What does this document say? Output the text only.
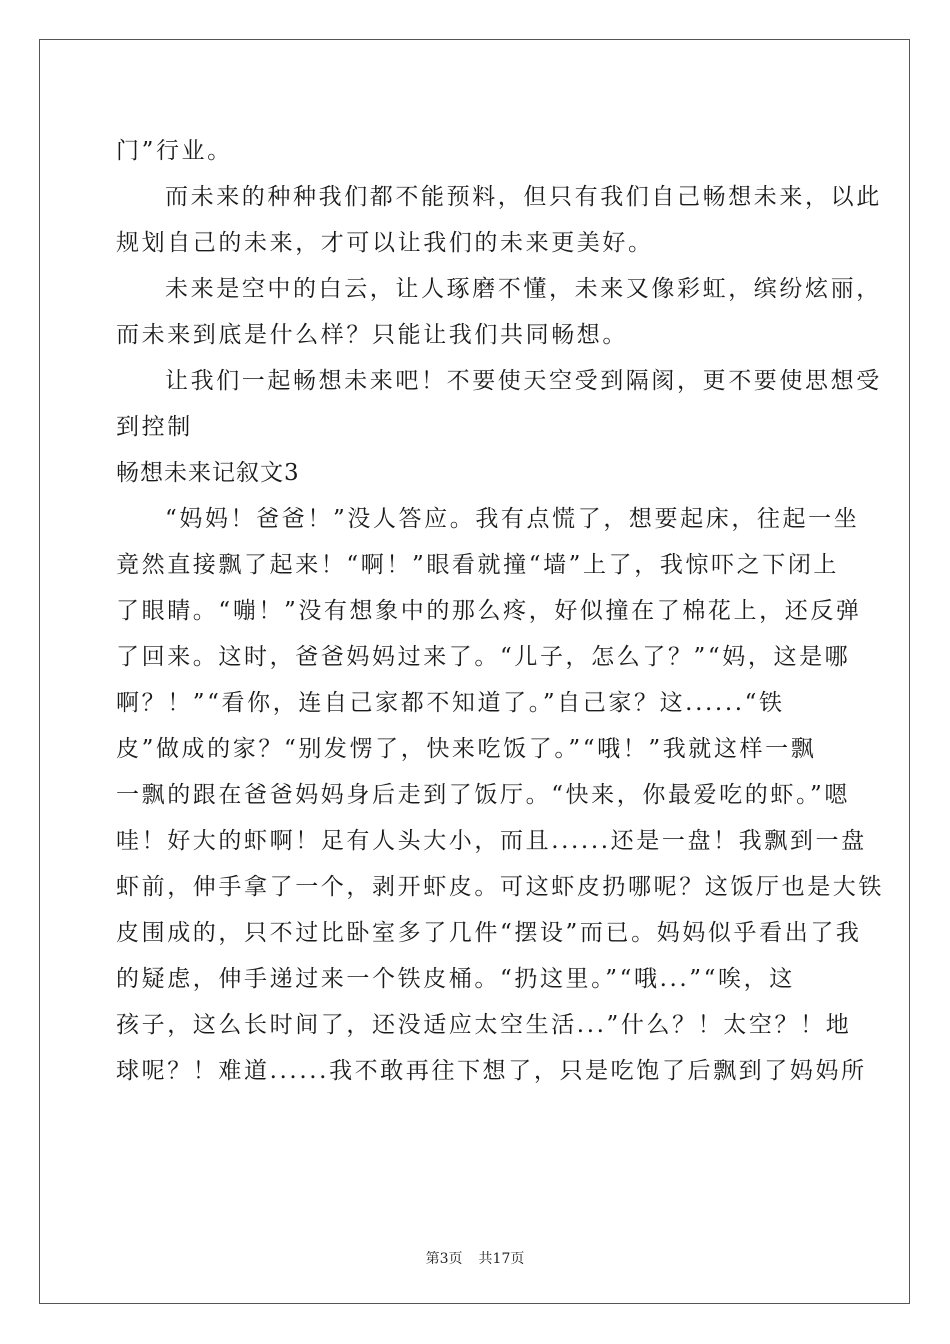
门”行业。
而未来的种种我们都不能预料，但只有我们自己畅想未来，以此
规划自己的未来，才可以让我们的未来更美好。
未来是空中的白云，让人琢磨不懂，未来又像彩虹，缤纷炫丽，
而未来到底是什么样？只能让我们共同畅想。
让我们一起畅想未来吧！不要使天空受到隔阂，更不要使思想受
到控制
畅想未来记叙文3
“妈妈！爸爸！”没人答应。我有点慌了，想要起床，往起一坐
竟然直接飘了起来！“啊！”眼看就撞“墙”上了，我惊吓之下闭上
了眼睛。“嘣！”没有想象中的那么疼，好似撞在了棉花上，还反弹
了回来。这时，爸爸妈妈过来了。“儿子，怎么了？”“妈，这是哪
啊？！”“看你，连自己家都不知道了。”自己家？这......“铁
皮”做成的家？“别发愣了，快来吃饭了。”“哦！”我就这样一飘
一飘的跟在爸爸妈妈身后走到了饭厅。“快来，你最爱吃的虾。”嗯
哇！好大的虾啊！足有人头大小，而且......还是一盘！我飘到一盘
虾前，伸手拿了一个，剥开虾皮。可这虾皮扔哪呢？这饭厅也是大铁
皮围成的，只不过比卧室多了几件“摆设”而已。妈妈似乎看出了我
的疑虑，伸手递过来一个铁皮桶。“扔这里。”“哦...”“唉，这
孩子，这么长时间了，还没适应太空生活...”什么？！太空？！地
球呢？！难道......我不敢再往下想了，只是吃饱了后飘到了妈妈所
第3页 共17页
